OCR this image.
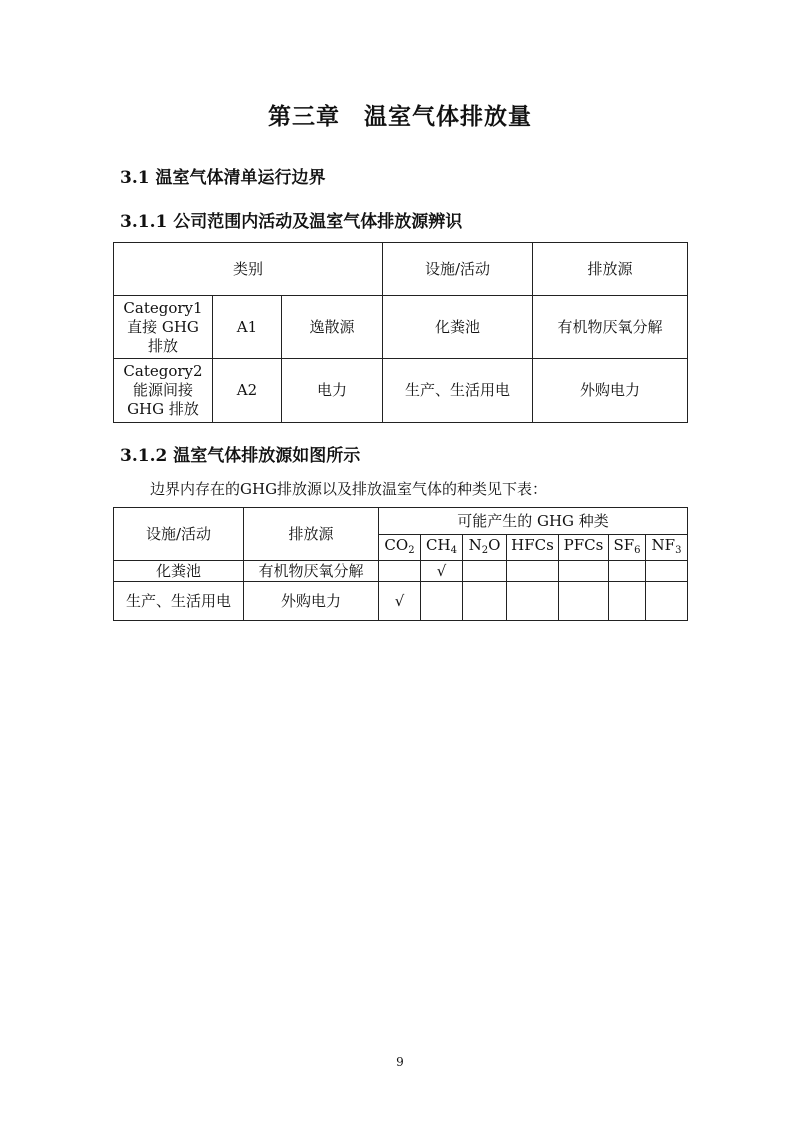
第三章　温室气体排放量
3.1 温室气体清单运行边界
3.1.1 公司范围内活动及温室气体排放源辨识
类别			设施/活动	排放源
Category1
直接 GHG
排放	A1	逸散源	化粪池	有机物厌氧分解
Category2
能源间接
GHG 排放	A2	电力	生产、生活用电	外购电力
3.1.2 温室气体排放源如图所示
边界内存在的GHG排放源以及排放温室气体的种类见下表：
设施/活动	排放源	可能产生的 GHG 种类						
		$CO_2$	$CH_4$	$N_2O$	HFCs	PFCs	$SF_6$	$NF_3$
化粪池	有机物厌氧分解		√					
生产、生活用电	外购电力	√						
9
